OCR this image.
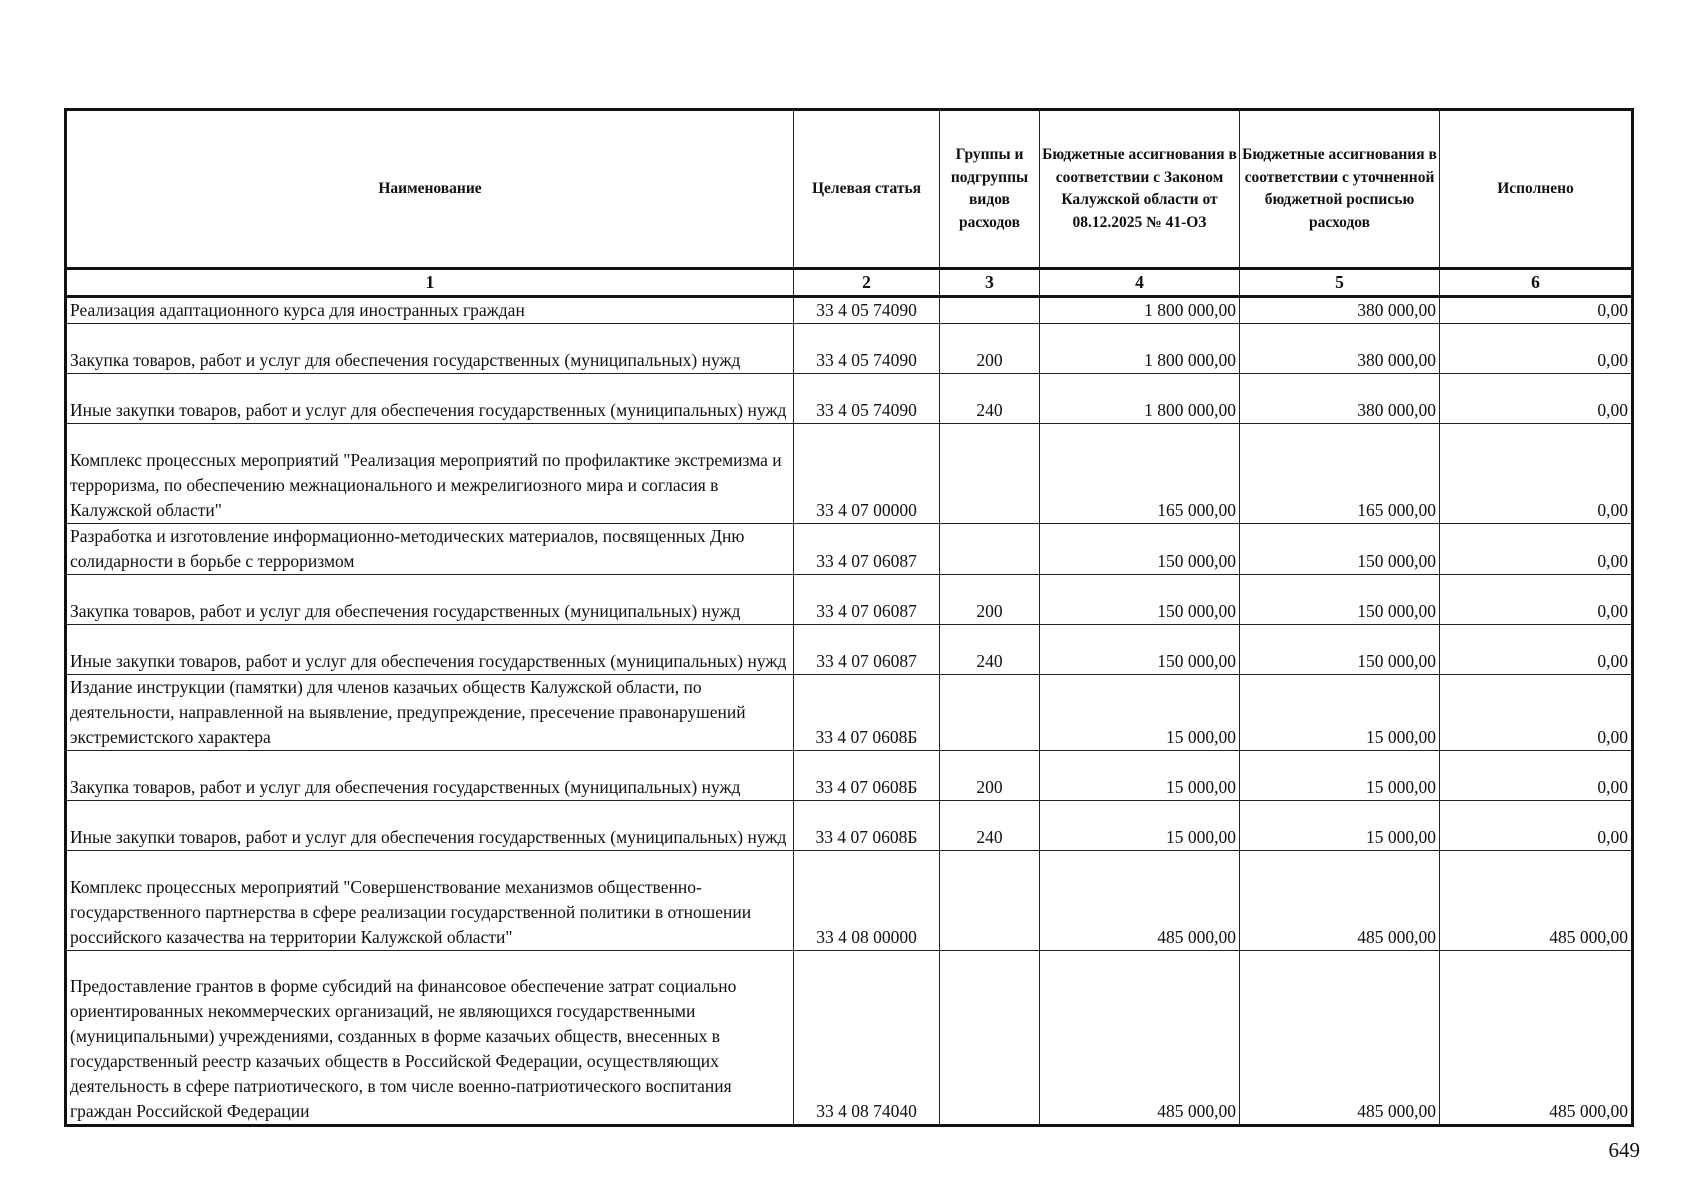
Наименование	Целевая статья	Группы и подгруппы видов расходов	Бюджетные ассигнования в соответствии с Законом Калужской области от 08.12.2025 № 41-ОЗ	Бюджетные ассигнования в соответствии с уточненной бюджетной росписью расходов	Исполнено
1	2	3	4	5	6
Реализация адаптационного курса для иностранных граждан	33 4 05 74090		1 800 000,00	380 000,00	0,00
Закупка товаров, работ и услуг для обеспечения государственных (муниципальных) нужд	33 4 05 74090	200	1 800 000,00	380 000,00	0,00
Иные закупки товаров, работ и услуг для обеспечения государственных (муниципальных) нужд	33 4 05 74090	240	1 800 000,00	380 000,00	0,00
Комплекс процессных мероприятий "Реализация мероприятий по профилактике экстремизма и терроризма, по обеспечению межнационального и межрелигиозного мира и согласия в Калужской области"	33 4 07 00000		165 000,00	165 000,00	0,00
Разработка и изготовление информационно-методических материалов, посвященных Дню солидарности в борьбе с терроризмом	33 4 07 06087		150 000,00	150 000,00	0,00
Закупка товаров, работ и услуг для обеспечения государственных (муниципальных) нужд	33 4 07 06087	200	150 000,00	150 000,00	0,00
Иные закупки товаров, работ и услуг для обеспечения государственных (муниципальных) нужд	33 4 07 06087	240	150 000,00	150 000,00	0,00
Издание инструкции (памятки) для членов казачьих обществ Калужской области, по деятельности, направленной на выявление, предупреждение, пресечение правонарушений экстремистского характера	33 4 07 0608Б		15 000,00	15 000,00	0,00
Закупка товаров, работ и услуг для обеспечения государственных (муниципальных) нужд	33 4 07 0608Б	200	15 000,00	15 000,00	0,00
Иные закупки товаров, работ и услуг для обеспечения государственных (муниципальных) нужд	33 4 07 0608Б	240	15 000,00	15 000,00	0,00
Комплекс процессных мероприятий "Совершенствование механизмов общественно-государственного партнерства в сфере реализации государственной политики в отношении российского казачества на территории Калужской области"	33 4 08 00000		485 000,00	485 000,00	485 000,00
Предоставление грантов в форме субсидий на финансовое обеспечение затрат социально ориентированных некоммерческих организаций, не являющихся государственными (муниципальными) учреждениями, созданных в форме казачьих обществ, внесенных в государственный реестр казачьих обществ в Российской Федерации, осуществляющих деятельность в сфере патриотического, в том числе военно-патриотического воспитания граждан Российской Федерации	33 4 08 74040		485 000,00	485 000,00	485 000,00
649
